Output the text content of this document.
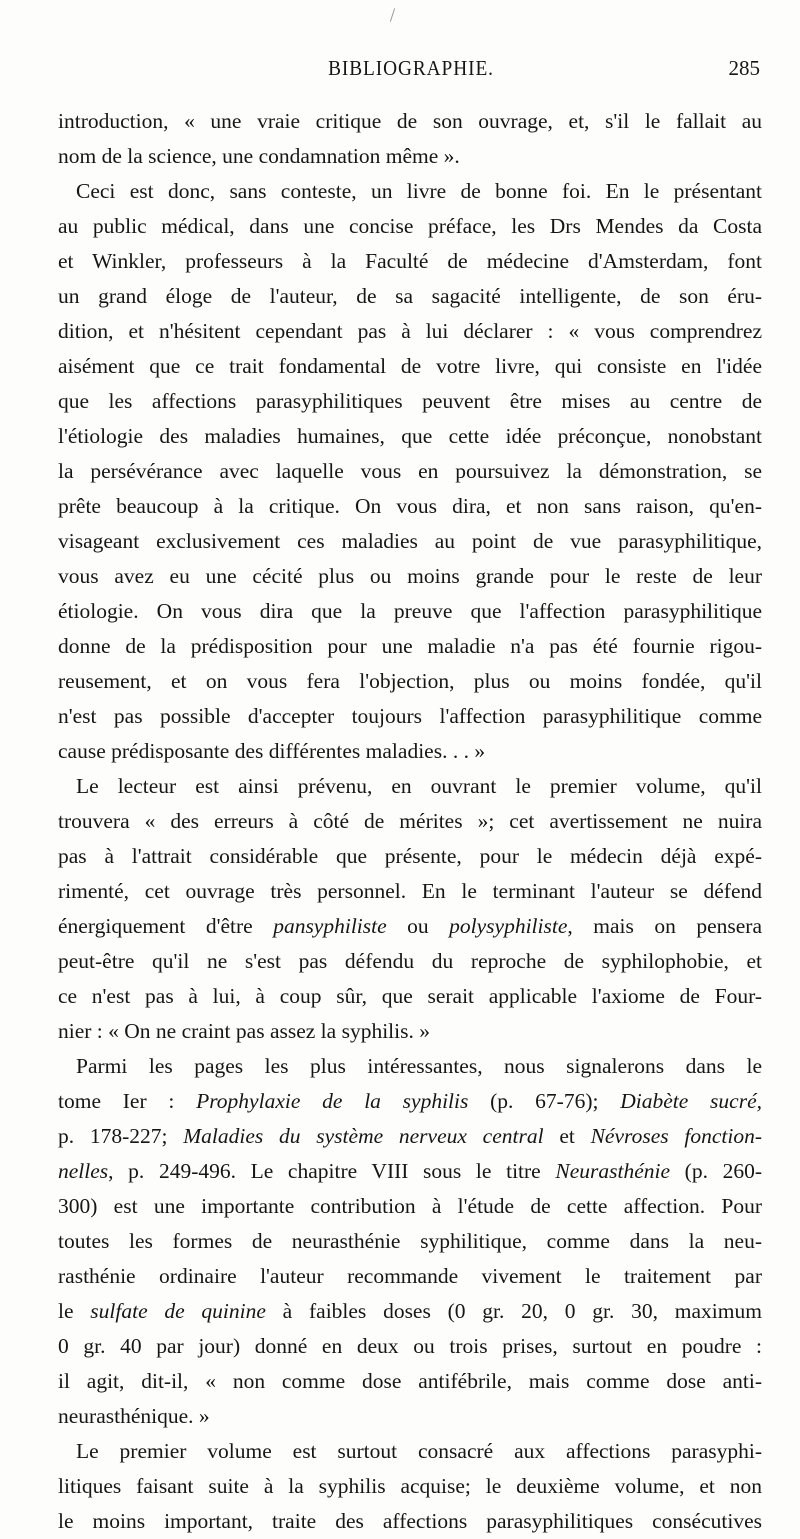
BIBLIOGRAPHIE.	285
introduction, « une vraie critique de son ouvrage, et, s'il le fallait au
nom de la science, une condamnation même ».
Ceci est donc, sans conteste, un livre de bonne foi. En le présentant
au public médical, dans une concise préface, les Drs Mendes da Costa
et Winkler, professeurs à la Faculté de médecine d'Amsterdam, font
un grand éloge de l'auteur, de sa sagacité intelligente, de son éru-
dition, et n'hésitent cependant pas à lui déclarer : « vous comprendrez
aisément que ce trait fondamental de votre livre, qui consiste en l'idée
que les affections parasyphilitiques peuvent être mises au centre de
l'étiologie des maladies humaines, que cette idée préconçue, nonobstant
la persévérance avec laquelle vous en poursuivez la démonstration, se
prête beaucoup à la critique. On vous dira, et non sans raison, qu'en-
visageant exclusivement ces maladies au point de vue parasyphilitique,
vous avez eu une cécité plus ou moins grande pour le reste de leur
étiologie. On vous dira que la preuve que l'affection parasyphilitique
donne de la prédisposition pour une maladie n'a pas été fournie rigou-
reusement, et on vous fera l'objection, plus ou moins fondée, qu'il
n'est pas possible d'accepter toujours l'affection parasyphilitique comme
cause prédisposante des différentes maladies. . . »
Le lecteur est ainsi prévenu, en ouvrant le premier volume, qu'il
trouvera « des erreurs à côté de mérites »; cet avertissement ne nuira
pas à l'attrait considérable que présente, pour le médecin déjà expé-
rimenté, cet ouvrage très personnel. En le terminant l'auteur se défend
énergiquement d'être pansyphiliste ou polysyphiliste, mais on pensera
peut-être qu'il ne s'est pas défendu du reproche de syphilophobie, et
ce n'est pas à lui, à coup sûr, que serait applicable l'axiome de Four-
nier : « On ne craint pas assez la syphilis. »
Parmi les pages les plus intéressantes, nous signalerons dans le
tome Ier : Prophylaxie de la syphilis (p. 67-76); Diabète sucré,
p. 178-227; Maladies du système nerveux central et Névroses fonction-
nelles, p. 249-496. Le chapitre VIII sous le titre Neurasthénie (p. 260-
300) est une importante contribution à l'étude de cette affection. Pour
toutes les formes de neurasthénie syphilitique, comme dans la neu-
rasthénie ordinaire l'auteur recommande vivement le traitement par
le sulfate de quinine à faibles doses (0 gr. 20, 0 gr. 30, maximum
0 gr. 40 par jour) donné en deux ou trois prises, surtout en poudre :
il agit, dit-il, « non comme dose antifébrile, mais comme dose anti-
neurasthénique. »
Le premier volume est surtout consacré aux affections parasyphi-
litiques faisant suite à la syphilis acquise; le deuxième volume, et non
le moins important, traite des affections parasyphilitiques consécutives
